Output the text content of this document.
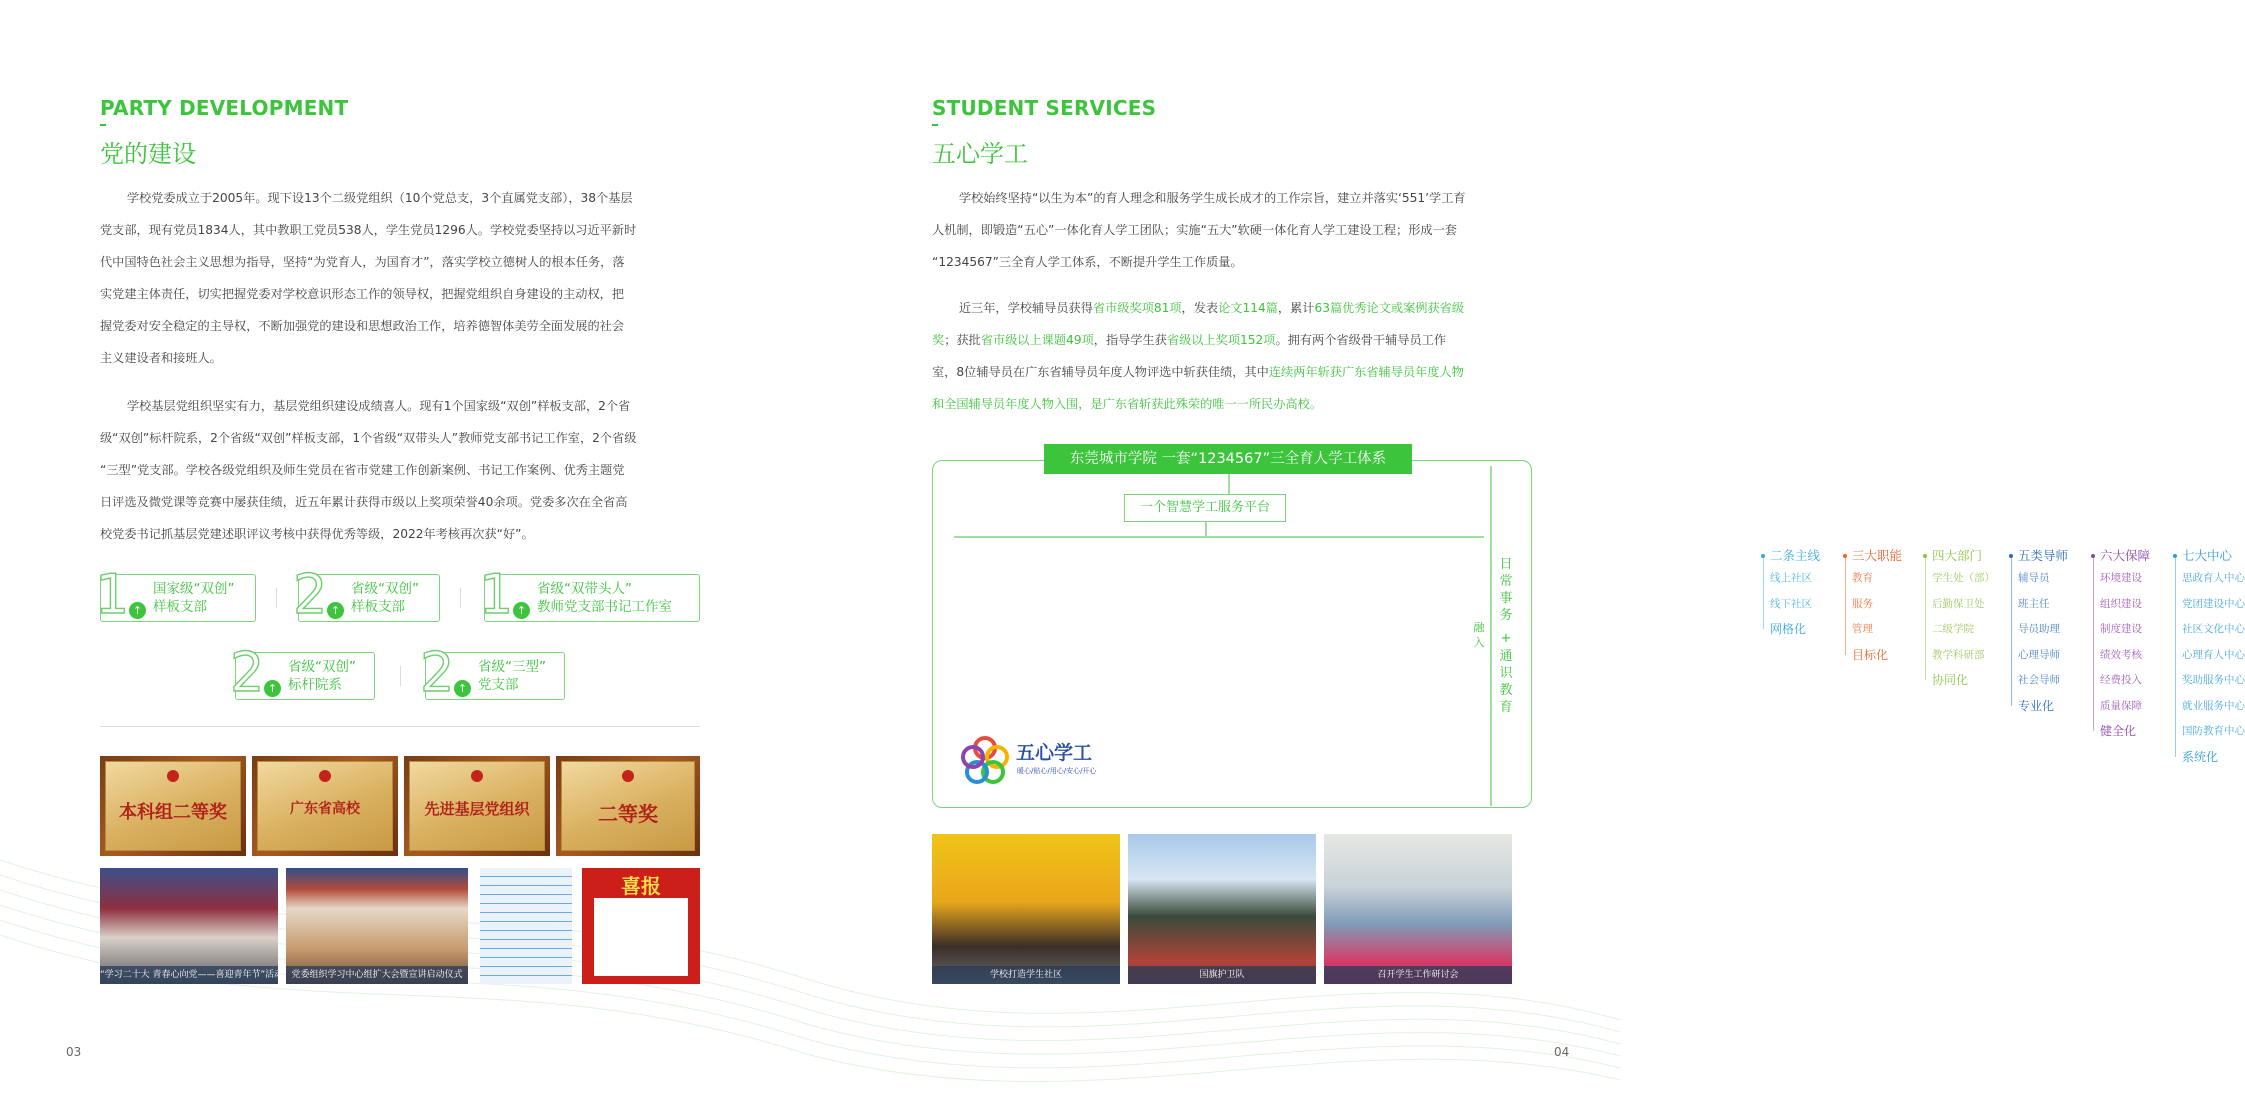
PARTY DEVELOPMENT
党的建设
学校党委成立于2005年。现下设13个二级党组织（10个党总支，3个直属党支部），38个基层
党支部，现有党员1834人，其中教职工党员538人，学生党员1296人。学校党委坚持以习近平新时
代中国特色社会主义思想为指导，坚持“为党育人，为国育才”，落实学校立德树人的根本任务，落
实党建主体责任，切实把握党委对学校意识形态工作的领导权，把握党组织自身建设的主动权，把
握党委对安全稳定的主导权，不断加强党的建设和思想政治工作，培养德智体美劳全面发展的社会
主义建设者和接班人。
学校基层党组织坚实有力，基层党组织建设成绩喜人。现有1个国家级“双创”样板支部，2个省
级“双创”标杆院系，2个省级“双创”样板支部，1个省级“双带头人”教师党支部书记工作室，2个省级
“三型”党支部。学校各级党组织及师生党员在省市党建工作创新案例、书记工作案例、优秀主题党
日评选及微党课等竞赛中屡获佳绩，近五年累计获得市级以上奖项荣誉40余项。党委多次在全省高
校党委书记抓基层党建述职评议考核中获得优秀等级，2022年考核再次获“好”。
1 ↑
国家级“双创”
样板支部 2 ↑
省级“双创”
样板支部 1 ↑
省级“双带头人”
教师党支部书记工作室
2 ↑
省级“双创”
标杆院系 2 ↑
省级“三型”
党支部
本科组二等奖	广东省高校	先进基层党组织	二等奖
“学习二十大 青春心向党——喜迎青年节”活动 党委组织学习中心组扩大会暨宣讲启动仪式
喜报
03
STUDENT SERVICES
五心学工
学校始终坚持“以生为本”的育人理念和服务学生成长成才的工作宗旨，建立并落实‘551’学工育
人机制，即锻造“五心”一体化育人学工团队；实施“五大”软硬一体化育人学工建设工程；形成一套
“1234567”三全育人学工体系，不断提升学生工作质量。
近三年，学校辅导员获得省市级奖项81项，发表论文114篇，累计63篇优秀论文或案例获省级
奖；获批省市级以上课题49项，指导学生获省级以上奖项152项。拥有两个省级骨干辅导员工作
室，8位辅导员在广东省辅导员年度人物评选中斩获佳绩，其中连续两年斩获广东省辅导员年度人物
和全国辅导员年度人物入围，是广东省斩获此殊荣的唯一一所民办高校。
东莞城市学院 一套“1234567”三全育人学工体系
一个智慧学工服务平台
二条主线
线上社区
线下社区
网格化
三大职能
教育
服务
管理
目标化
四大部门
学生处（部）
后勤保卫处
二级学院
教学科研部
协同化
五类导师
辅导员
班主任
导员助理
心理导师
社会导师
专业化
六大保障
环境建设
组织建设
制度建设
绩效考核
经费投入
质量保障
健全化
七大中心
思政育人中心
党团建设中心
社区文化中心
心理育人中心
奖助服务中心
就业服务中心
国防教育中心
系统化
日
常
事
务
+
通
识
教
育
融
入
五心学工
暖心/贴心/用心/安心/开心
学校打造学生社区	国旗护卫队	召开学生工作研讨会
04
